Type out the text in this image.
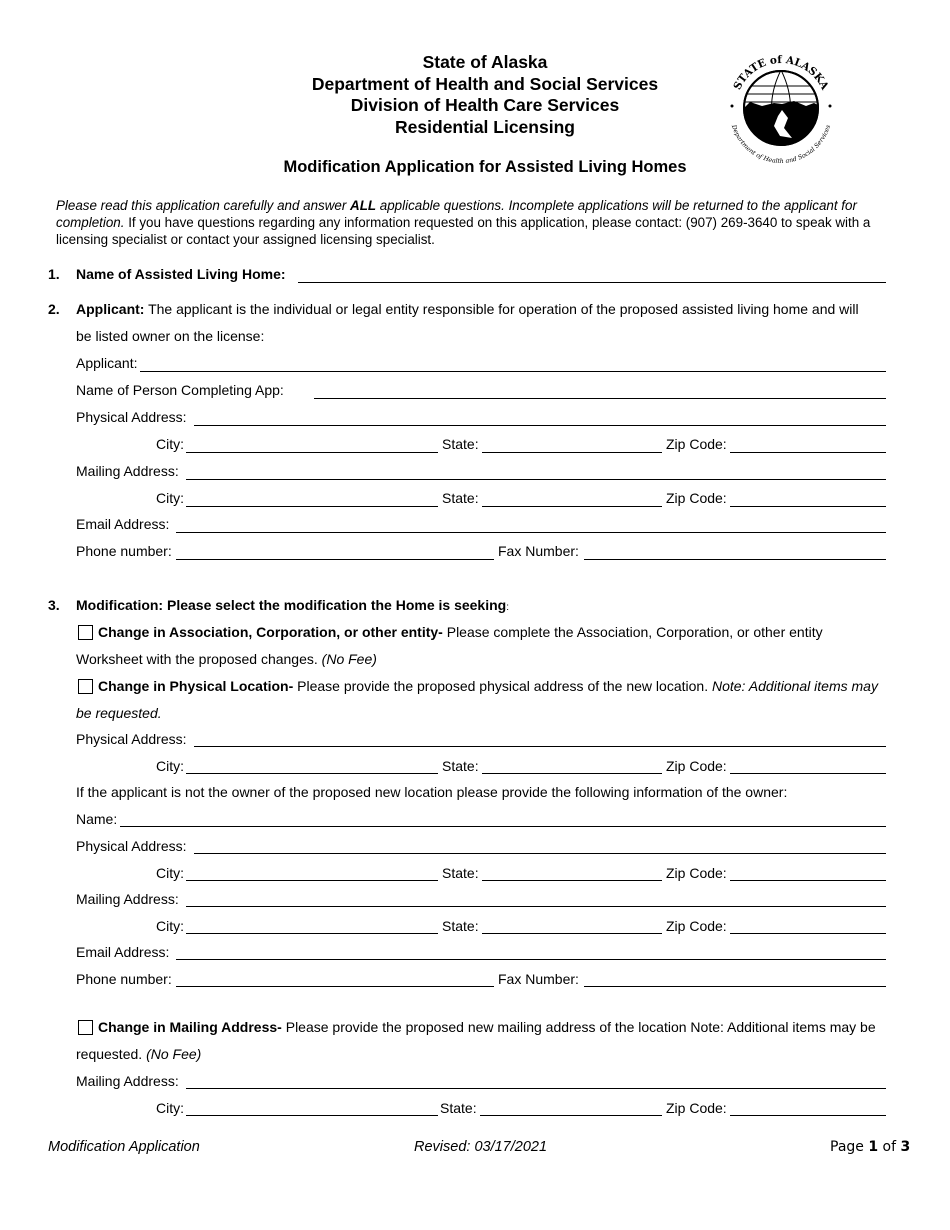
State of Alaska
Department of Health and Social Services
Division of Health Care Services
Residential Licensing
STATE of ALASKA
Department of Health and Social Services
Modification Application for Assisted Living Homes
Please read this application carefully and answer ALL applicable questions. Incomplete applications will be returned to the applicant for completion. If you have questions regarding any information requested on this application, please contact: (907) 269-3640 to speak with a licensing specialist or contact your assigned licensing specialist.
1. Name of Assisted Living Home:
2. Applicant: The applicant is the individual or legal entity responsible for operation of the proposed assisted living home and will
be listed owner on the license:
Applicant:
Name of Person Completing App:
Physical Address:
City:	State:	Zip Code:
Mailing Address:
City:	State:	Zip Code:
Email Address:
Phone number:	Fax Number:
3. Modification: Please select the modification the Home is seeking:
Change in Association, Corporation, or other entity- Please complete the Association, Corporation, or other entity
Worksheet with the proposed changes. (No Fee)
Change in Physical Location- Please provide the proposed physical address of the new location. Note: Additional items may
be requested.
Physical Address:
City:	State:	Zip Code:
If the applicant is not the owner of the proposed new location please provide the following information of the owner:
Name:
Physical Address:
City:	State:	Zip Code:
Mailing Address:
City:	State:	Zip Code:
Email Address:
Phone number:	Fax Number:
Change in Mailing Address- Please provide the proposed new mailing address of the location Note: Additional items may be
requested. (No Fee)
Mailing Address:
City:	State:	Zip Code:
Modification Application	Revised: 03/17/2021	Page 1 of 3
